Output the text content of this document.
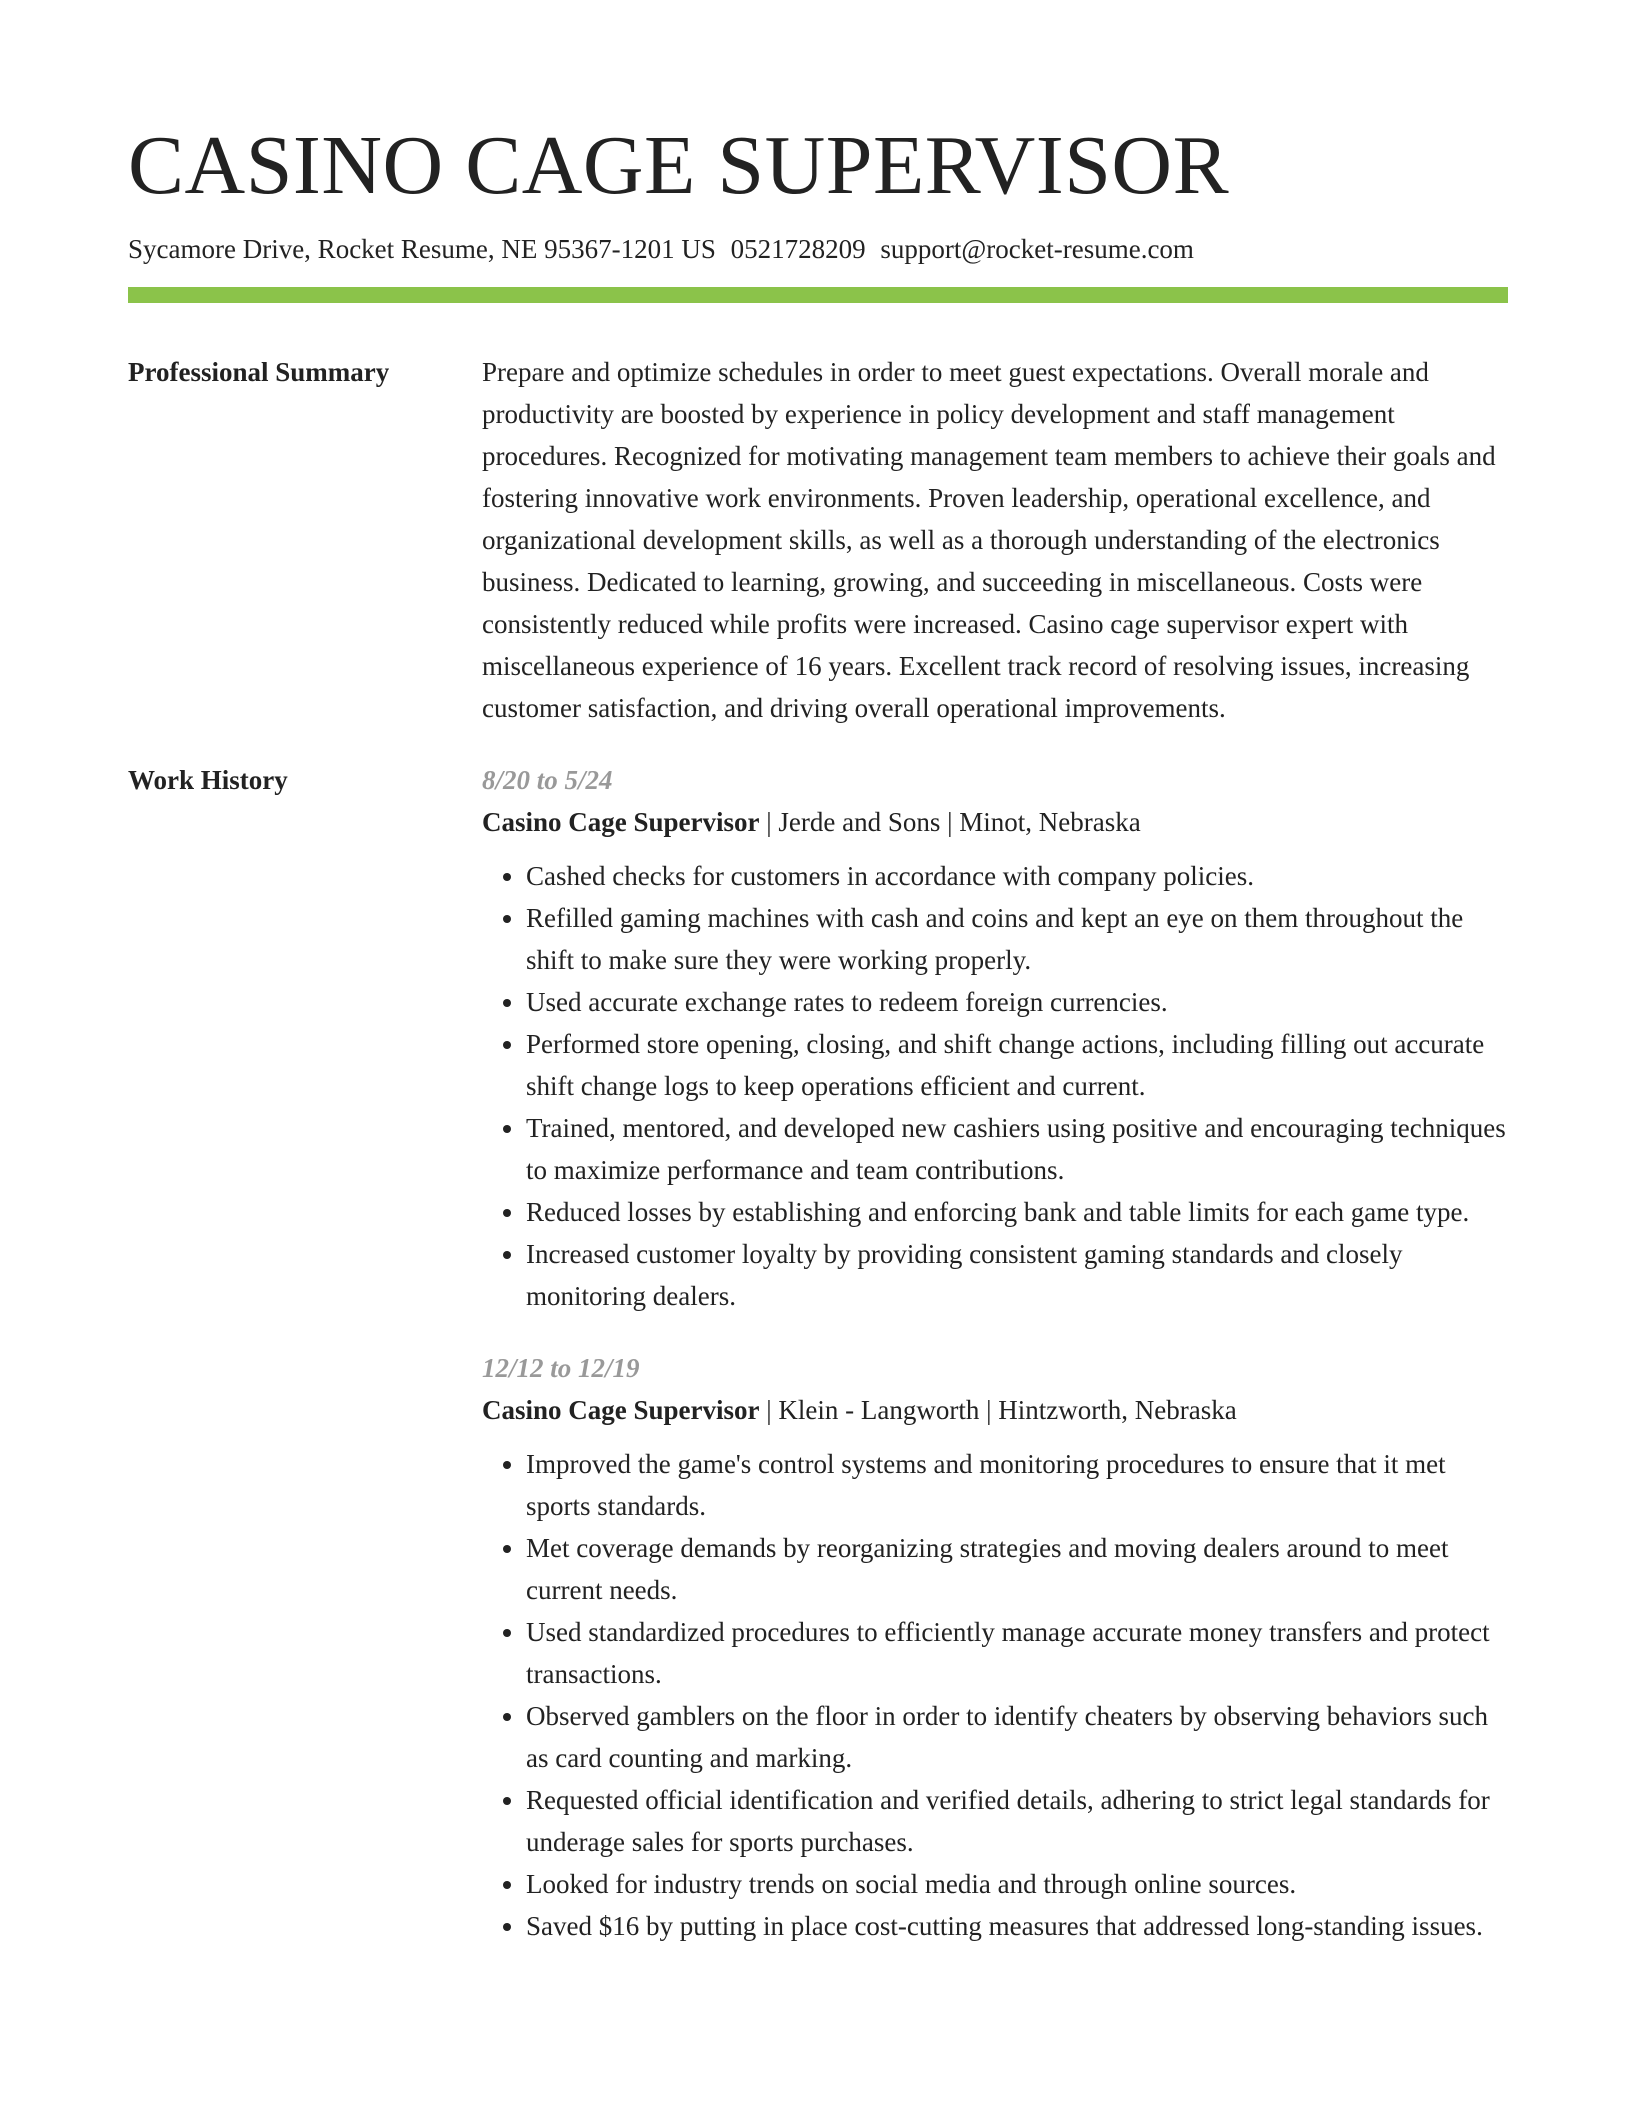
CASINO CAGE SUPERVISOR
Sycamore Drive, Rocket Resume, NE 95367-1201 US 0521728209 support@rocket-resume.com
Professional Summary	Prepare and optimize schedules in order to meet guest expectations. Overall morale and productivity are boosted by experience in policy development and staff management procedures. Recognized for motivating management team members to achieve their goals and fostering innovative work environments. Proven leadership, operational excellence, and organizational development skills, as well as a thorough understanding of the electronics business. Dedicated to learning, growing, and succeeding in miscellaneous. Costs were consistently reduced while profits were increased. Casino cage supervisor expert with miscellaneous experience of 16 years. Excellent track record of resolving issues, increasing customer satisfaction, and driving overall operational improvements.
Work History	8/20 to 5/24
Casino Cage Supervisor | Jerde and Sons | Minot, Nebraska
• Cashed checks for customers in accordance with company policies.
• Refilled gaming machines with cash and coins and kept an eye on them throughout the shift to make sure they were working properly.
• Used accurate exchange rates to redeem foreign currencies.
• Performed store opening, closing, and shift change actions, including filling out accurate shift change logs to keep operations efficient and current.
• Trained, mentored, and developed new cashiers using positive and encouraging techniques to maximize performance and team contributions.
• Reduced losses by establishing and enforcing bank and table limits for each game type.
• Increased customer loyalty by providing consistent gaming standards and closely monitoring dealers.
12/12 to 12/19
Casino Cage Supervisor | Klein - Langworth | Hintzworth, Nebraska
• Improved the game's control systems and monitoring procedures to ensure that it met sports standards.
• Met coverage demands by reorganizing strategies and moving dealers around to meet current needs.
• Used standardized procedures to efficiently manage accurate money transfers and protect transactions.
• Observed gamblers on the floor in order to identify cheaters by observing behaviors such as card counting and marking.
• Requested official identification and verified details, adhering to strict legal standards for underage sales for sports purchases.
• Looked for industry trends on social media and through online sources.
• Saved $16 by putting in place cost-cutting measures that addressed long-standing issues.
